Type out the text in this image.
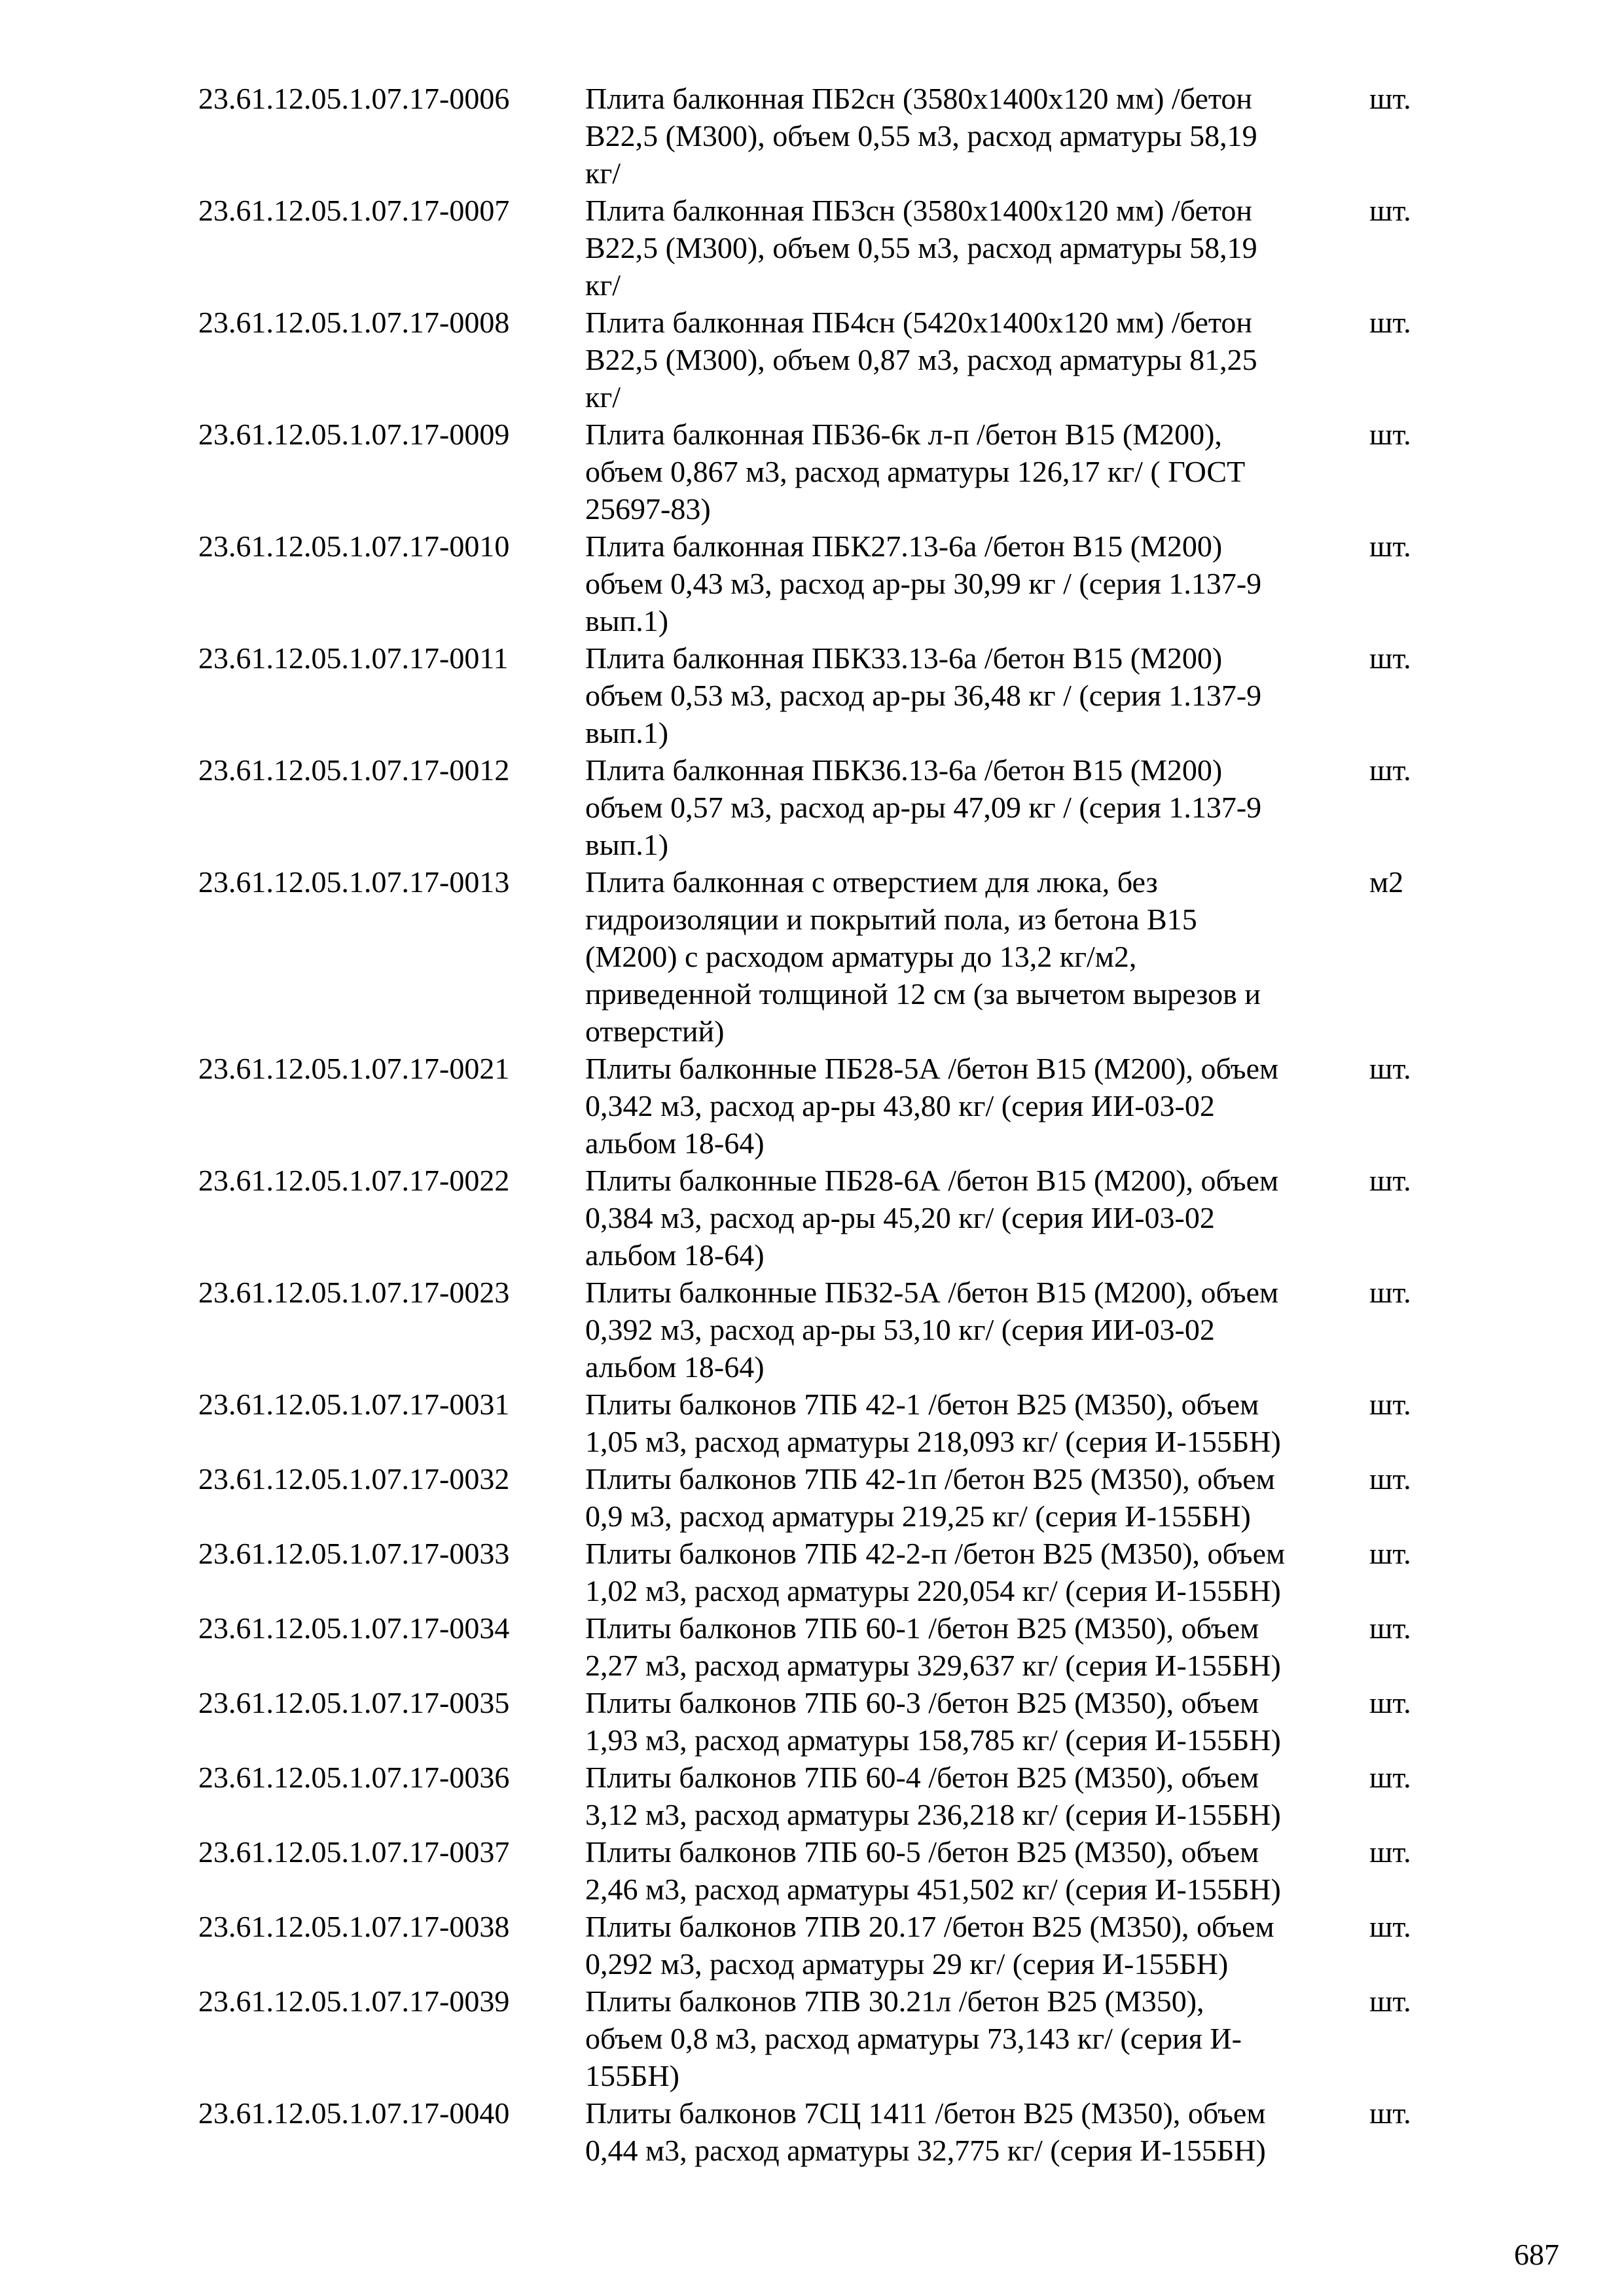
23.61.12.05.1.07.17-0006	Плита балконная ПБ2сн (3580х1400х120 мм) /бетон
В22,5 (М300), объем 0,55 м3, расход арматуры 58,19
кг/
шт.
23.61.12.05.1.07.17-0007	Плита балконная ПБ3сн (3580х1400х120 мм) /бетон
В22,5 (М300), объем 0,55 м3, расход арматуры 58,19
кг/
шт.
23.61.12.05.1.07.17-0008	Плита балконная ПБ4сн (5420х1400х120 мм) /бетон
В22,5 (М300), объем 0,87 м3, расход арматуры 81,25
кг/
шт.
23.61.12.05.1.07.17-0009	Плита балконная ПБ36-6к л-п /бетон В15 (М200),
объем 0,867 м3, расход арматуры 126,17 кг/ ( ГОСТ
25697-83)
шт.
23.61.12.05.1.07.17-0010	Плита балконная ПБК27.13-6а /бетон В15 (М200)
объем 0,43 м3, расход ар-ры 30,99 кг / (серия 1.137-9
вып.1)
шт.
23.61.12.05.1.07.17-0011	Плита балконная ПБК33.13-6а /бетон В15 (М200)
объем 0,53 м3, расход ар-ры 36,48 кг / (серия 1.137-9
вып.1)
шт.
23.61.12.05.1.07.17-0012	Плита балконная ПБК36.13-6а /бетон В15 (М200)
объем 0,57 м3, расход ар-ры 47,09 кг / (серия 1.137-9
вып.1)
шт.
23.61.12.05.1.07.17-0013	Плита балконная с отверстием для люка, без
гидроизоляции и покрытий пола, из бетона В15
(М200) с расходом арматуры до 13,2 кг/м2,
приведенной толщиной 12 см (за вычетом вырезов и
отверстий)
м2
23.61.12.05.1.07.17-0021	Плиты балконные ПБ28-5А /бетон В15 (М200), объем
0,342 м3, расход ар-ры 43,80 кг/ (серия ИИ-03-02
альбом 18-64)
шт.
23.61.12.05.1.07.17-0022	Плиты балконные ПБ28-6А /бетон В15 (М200), объем
0,384 м3, расход ар-ры 45,20 кг/ (серия ИИ-03-02
альбом 18-64)
шт.
23.61.12.05.1.07.17-0023	Плиты балконные ПБ32-5А /бетон В15 (М200), объем
0,392 м3, расход ар-ры 53,10 кг/ (серия ИИ-03-02
альбом 18-64)
шт.
23.61.12.05.1.07.17-0031	Плиты балконов 7ПБ 42-1 /бетон В25 (М350), объем
1,05 м3, расход арматуры 218,093 кг/ (серия И-155БН)
шт.
23.61.12.05.1.07.17-0032	Плиты балконов 7ПБ 42-1п /бетон В25 (М350), объем
0,9 м3, расход арматуры 219,25 кг/ (серия И-155БН)
шт.
23.61.12.05.1.07.17-0033	Плиты балконов 7ПБ 42-2-п /бетон В25 (М350), объем
1,02 м3, расход арматуры 220,054 кг/ (серия И-155БН)
шт.
23.61.12.05.1.07.17-0034	Плиты балконов 7ПБ 60-1 /бетон В25 (М350), объем
2,27 м3, расход арматуры 329,637 кг/ (серия И-155БН)
шт.
23.61.12.05.1.07.17-0035	Плиты балконов 7ПБ 60-3 /бетон В25 (М350), объем
1,93 м3, расход арматуры 158,785 кг/ (серия И-155БН)
шт.
23.61.12.05.1.07.17-0036	Плиты балконов 7ПБ 60-4 /бетон В25 (М350), объем
3,12 м3, расход арматуры 236,218 кг/ (серия И-155БН)
шт.
23.61.12.05.1.07.17-0037	Плиты балконов 7ПБ 60-5 /бетон В25 (М350), объем
2,46 м3, расход арматуры 451,502 кг/ (серия И-155БН)
шт.
23.61.12.05.1.07.17-0038	Плиты балконов 7ПВ 20.17 /бетон В25 (М350), объем
0,292 м3, расход арматуры 29 кг/ (серия И-155БН)
шт.
23.61.12.05.1.07.17-0039	Плиты балконов 7ПВ 30.21л /бетон В25 (М350),
объем 0,8 м3, расход арматуры 73,143 кг/ (серия И-
155БН)
шт.
23.61.12.05.1.07.17-0040	Плиты балконов 7СЦ 1411 /бетон В25 (М350), объем
0,44 м3, расход арматуры 32,775 кг/ (серия И-155БН)
шт.
687
